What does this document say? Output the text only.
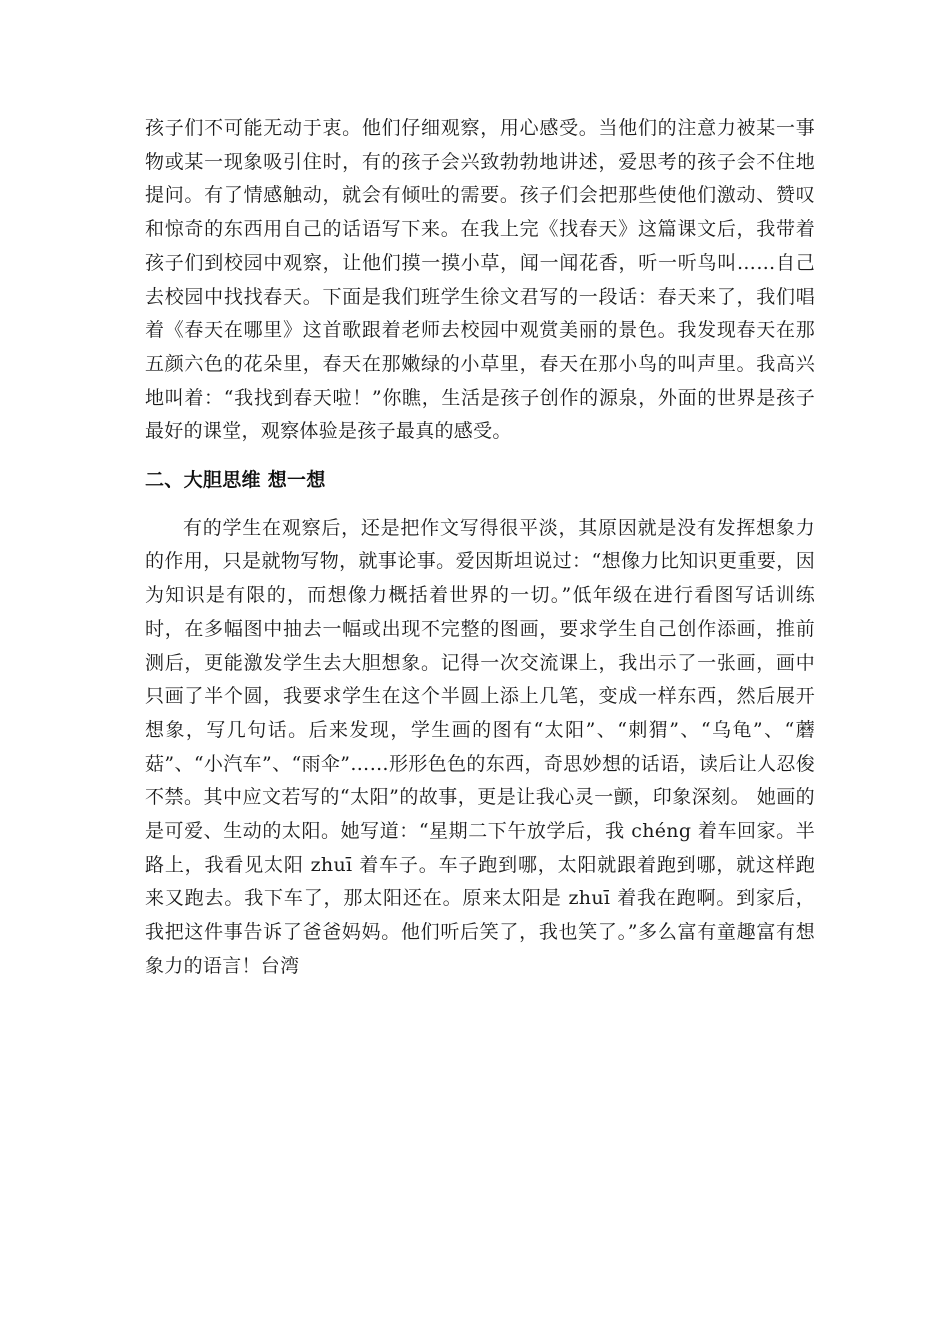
孩子们不可能无动于衷。他们仔细观察，用心感受。当他们的注意力被某一事物或某一现象吸引住时，有的孩子会兴致勃勃地讲述，爱思考的孩子会不住地提问。有了情感触动，就会有倾吐的需要。孩子们会把那些使他们激动、赞叹和惊奇的东西用自己的话语写下来。在我上完《找春天》这篇课文后，我带着孩子们到校园中观察，让他们摸一摸小草，闻一闻花香，听一听鸟叫……自己去校园中找找春天。下面是我们班学生徐文君写的一段话：春天来了，我们唱着《春天在哪里》这首歌跟着老师去校园中观赏美丽的景色。我发现春天在那五颜六色的花朵里，春天在那嫩绿的小草里，春天在那小鸟的叫声里。我高兴地叫着：“我找到春天啦！”你瞧，生活是孩子创作的源泉，外面的世界是孩子最好的课堂，观察体验是孩子最真的感受。

二、大胆思维 想一想

有的学生在观察后，还是把作文写得很平淡，其原因就是没有发挥想象力的作用，只是就物写物，就事论事。爱因斯坦说过：“想像力比知识更重要，因为知识是有限的，而想像力概括着世界的一切。”低年级在进行看图写话训练时，在多幅图中抽去一幅或出现不完整的图画，要求学生自己创作添画，推前测后，更能激发学生去大胆想象。记得一次交流课上，我出示了一张画，画中只画了半个圆，我要求学生在这个半圆上添上几笔，变成一样东西，然后展开想象，写几句话。后来发现，学生画的图有“太阳”、“刺猬”、“乌龟”、“蘑菇”、“小汽车”、“雨伞”……形形色色的东西，奇思妙想的话语，读后让人忍俊不禁。其中应文若写的“太阳”的故事，更是让我心灵一颤，印象深刻。 她画的是可爱、生动的太阳。她写道：“星期二下午放学后，我 chéng 着车回家。半路上，我看见太阳 zhuī 着车子。车子跑到哪，太阳就跟着跑到哪，就这样跑来又跑去。我下车了，那太阳还在。原来太阳是 zhuī 着我在跑啊。到家后，我把这件事告诉了爸爸妈妈。他们听后笑了，我也笑了。”多么富有童趣富有想象力的语言！台湾
